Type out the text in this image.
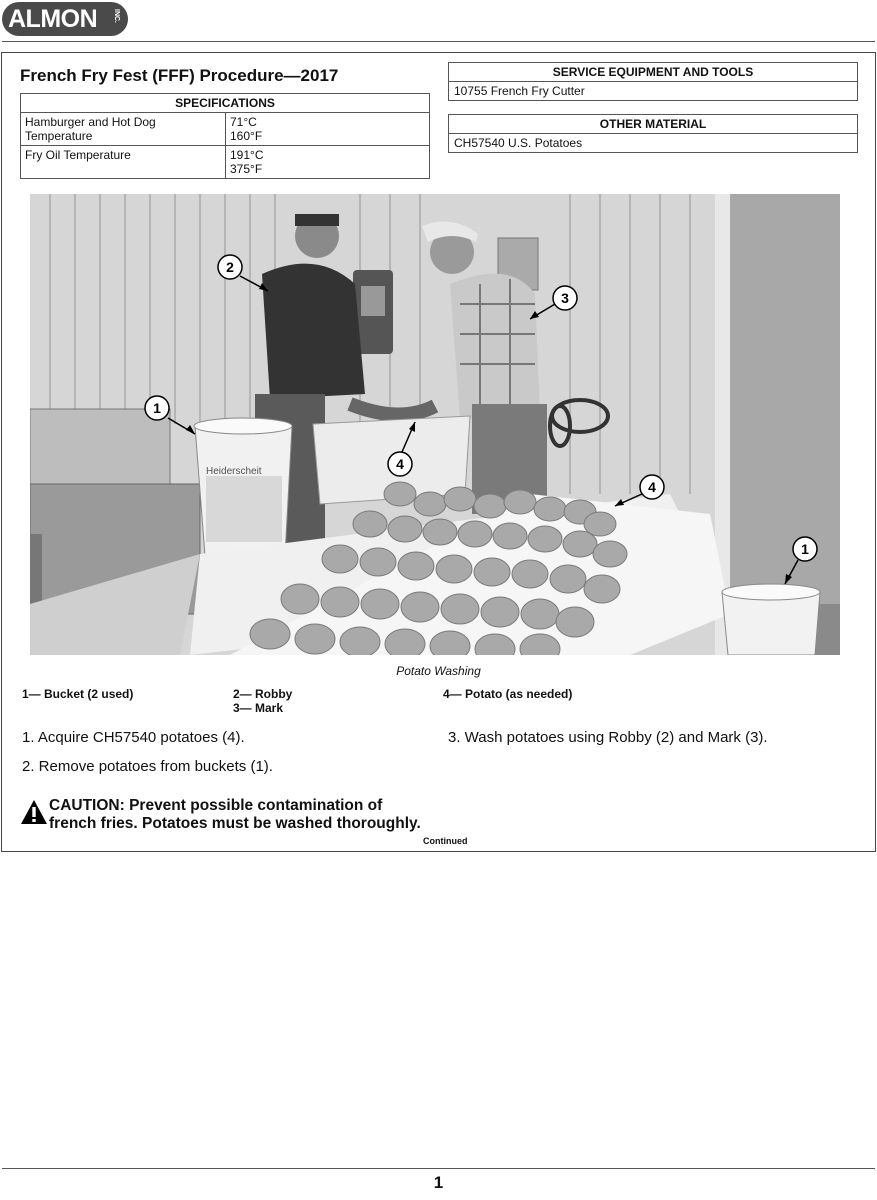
ALMON INC.
French Fry Fest (FFF) Procedure—2017
SPECIFICATIONS	
Hamburger and Hot Dog Temperature	71°C
160°F

Fry Oil Temperature	191°C
375°F
SERVICE EQUIPMENT AND TOOLS
10755 French Fry Cutter
OTHER MATERIAL
CH57540 U.S. Potatoes
Heiderscheit
1
2
3
4
4
1
Potato Washing
1— Bucket (2 used)	2— Robby
3— Mark
4— Potato (as needed)
1. Acquire CH57540 potatoes (4).
2. Remove potatoes from buckets (1).
3. Wash potatoes using Robby (2) and Mark (3).
CAUTION: Prevent possible contamination of
french fries. Potatoes must be washed thoroughly.
Continued
1
